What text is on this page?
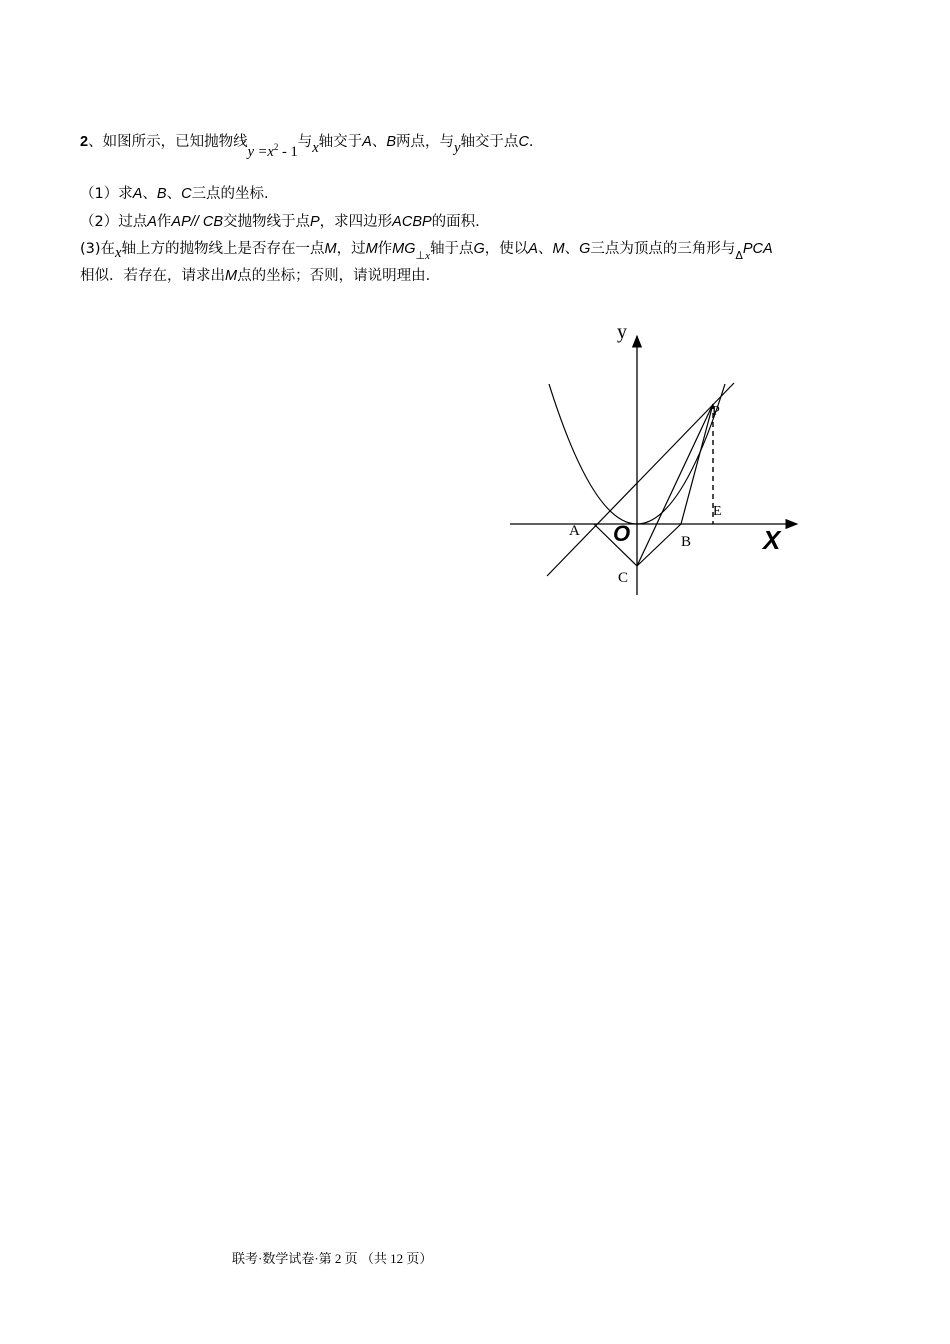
2、如图所示，已知抛物线$y =x^2 - 1$与x轴交于A、B两点，与y轴交于点C.
（1）求A、B、C三点的坐标.
（2）过点A作AP// CB交抛物线于点P，求四边形ACBP的面积.
(3)在x轴上方的抛物线上是否存在一点M，过M作$MG_{\perp x}$轴于点G，使以A、M、G三点为顶点的三角形与$_\Delta$PCA
相似．若存在，请求出M点的坐标；否则，请说明理由.
y
X
O
A
B
C
P
E
联考·数学试卷·第 2 页 （共 12 页）
